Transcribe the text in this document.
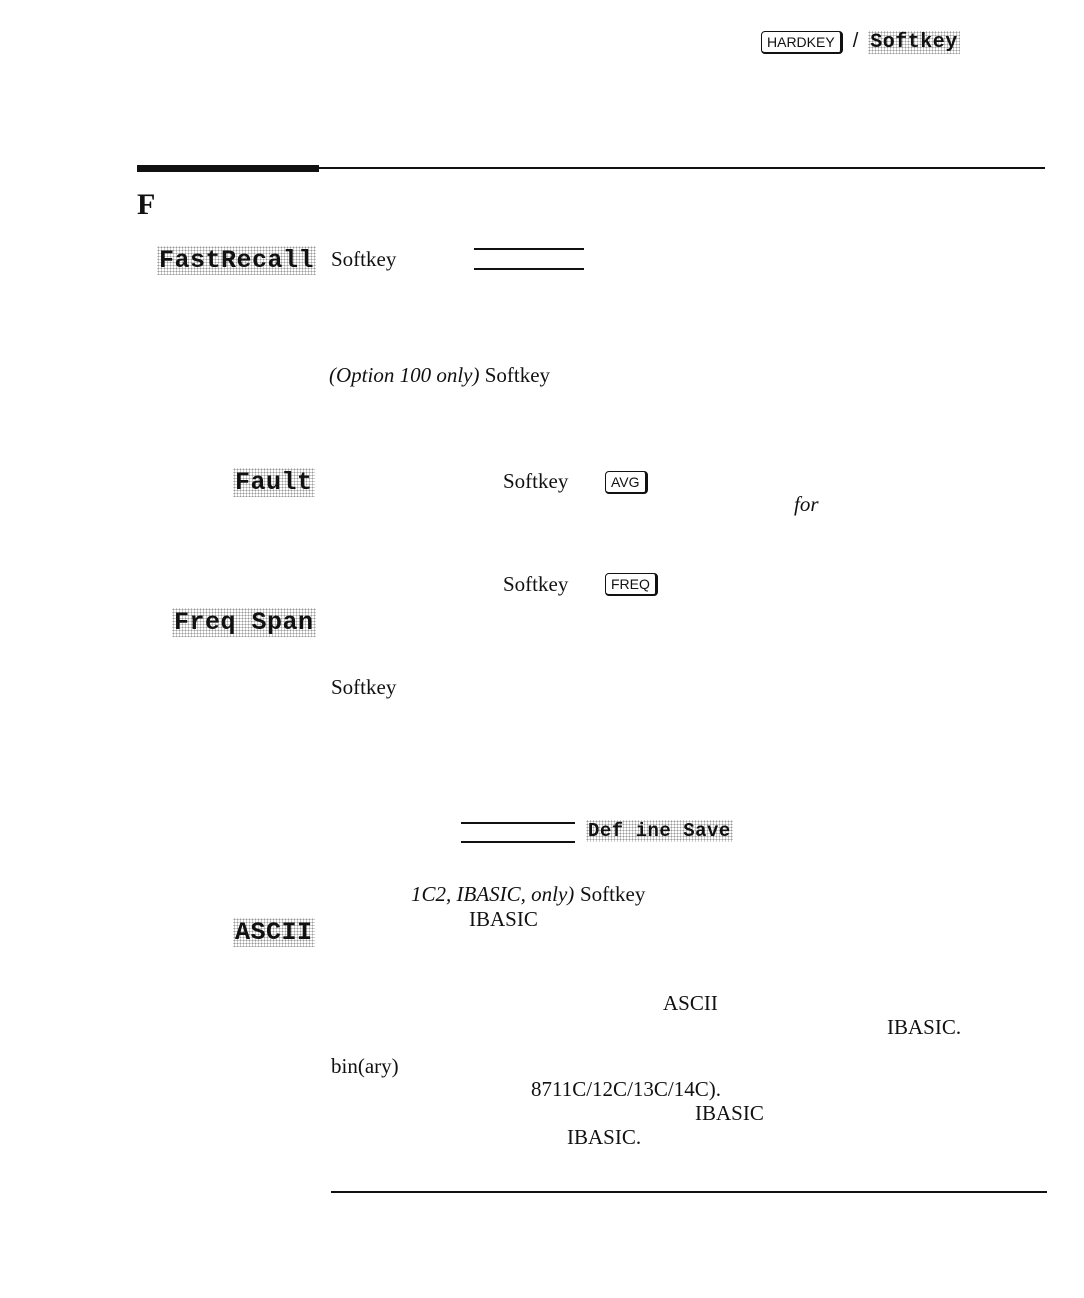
HARDKEY / Softkey
F
FastRecall Softkey
(Option 100 only) Softkey
Fault	Softkey	AVG
for
Softkey	FREQ
Freq Span
Softkey
Def ine Save
1C2, IBASIC, only) Softkey
IBASIC
ASCII
ASCII
IBASIC.
bin(ary)
8711C/12C/13C/14C).
IBASIC
IBASIC.
